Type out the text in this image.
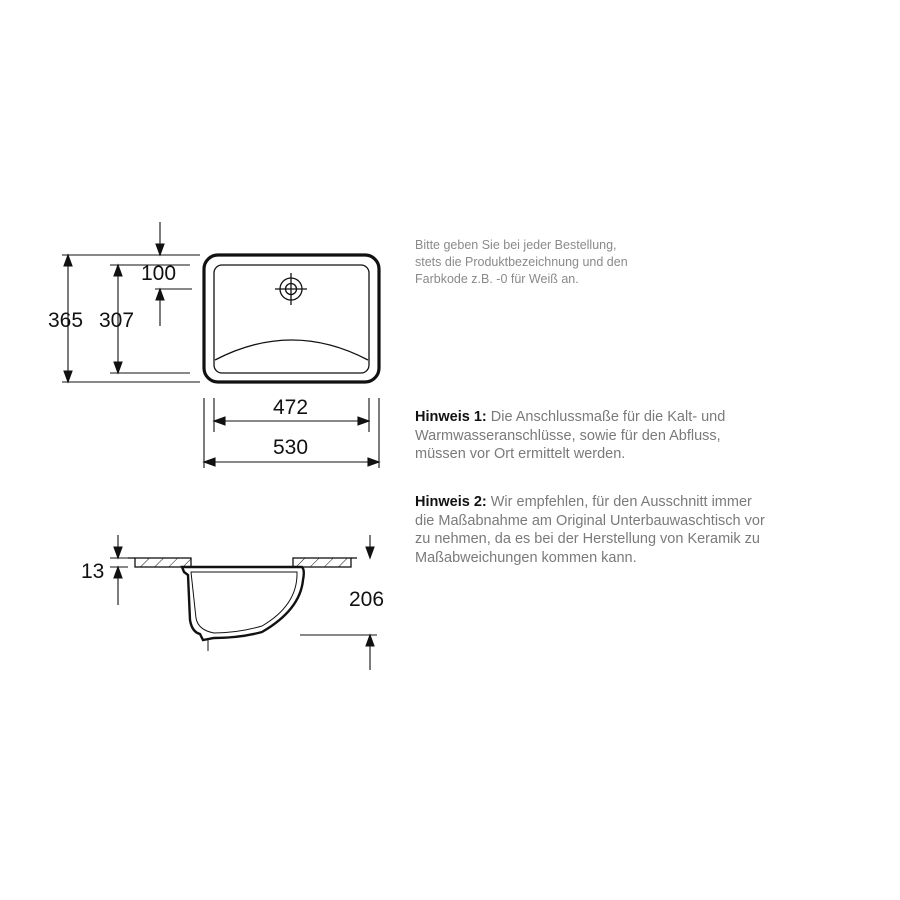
365 307
100
472
530
13
206
Bitte geben Sie bei jeder Bestellung,
stets die Produktbezeichnung und den
Farbkode z.B. -0 für Weiß an.
Hinweis 1: Die Anschlussmaße für die Kalt- und
Warmwasseranschlüsse, sowie für den Abfluss,
müssen vor Ort ermittelt werden.
Hinweis 2: Wir empfehlen, für den Ausschnitt immer
die Maßabnahme am Original Unterbauwaschtisch vor
zu nehmen, da es bei der Herstellung von Keramik zu
Maßabweichungen kommen kann.
